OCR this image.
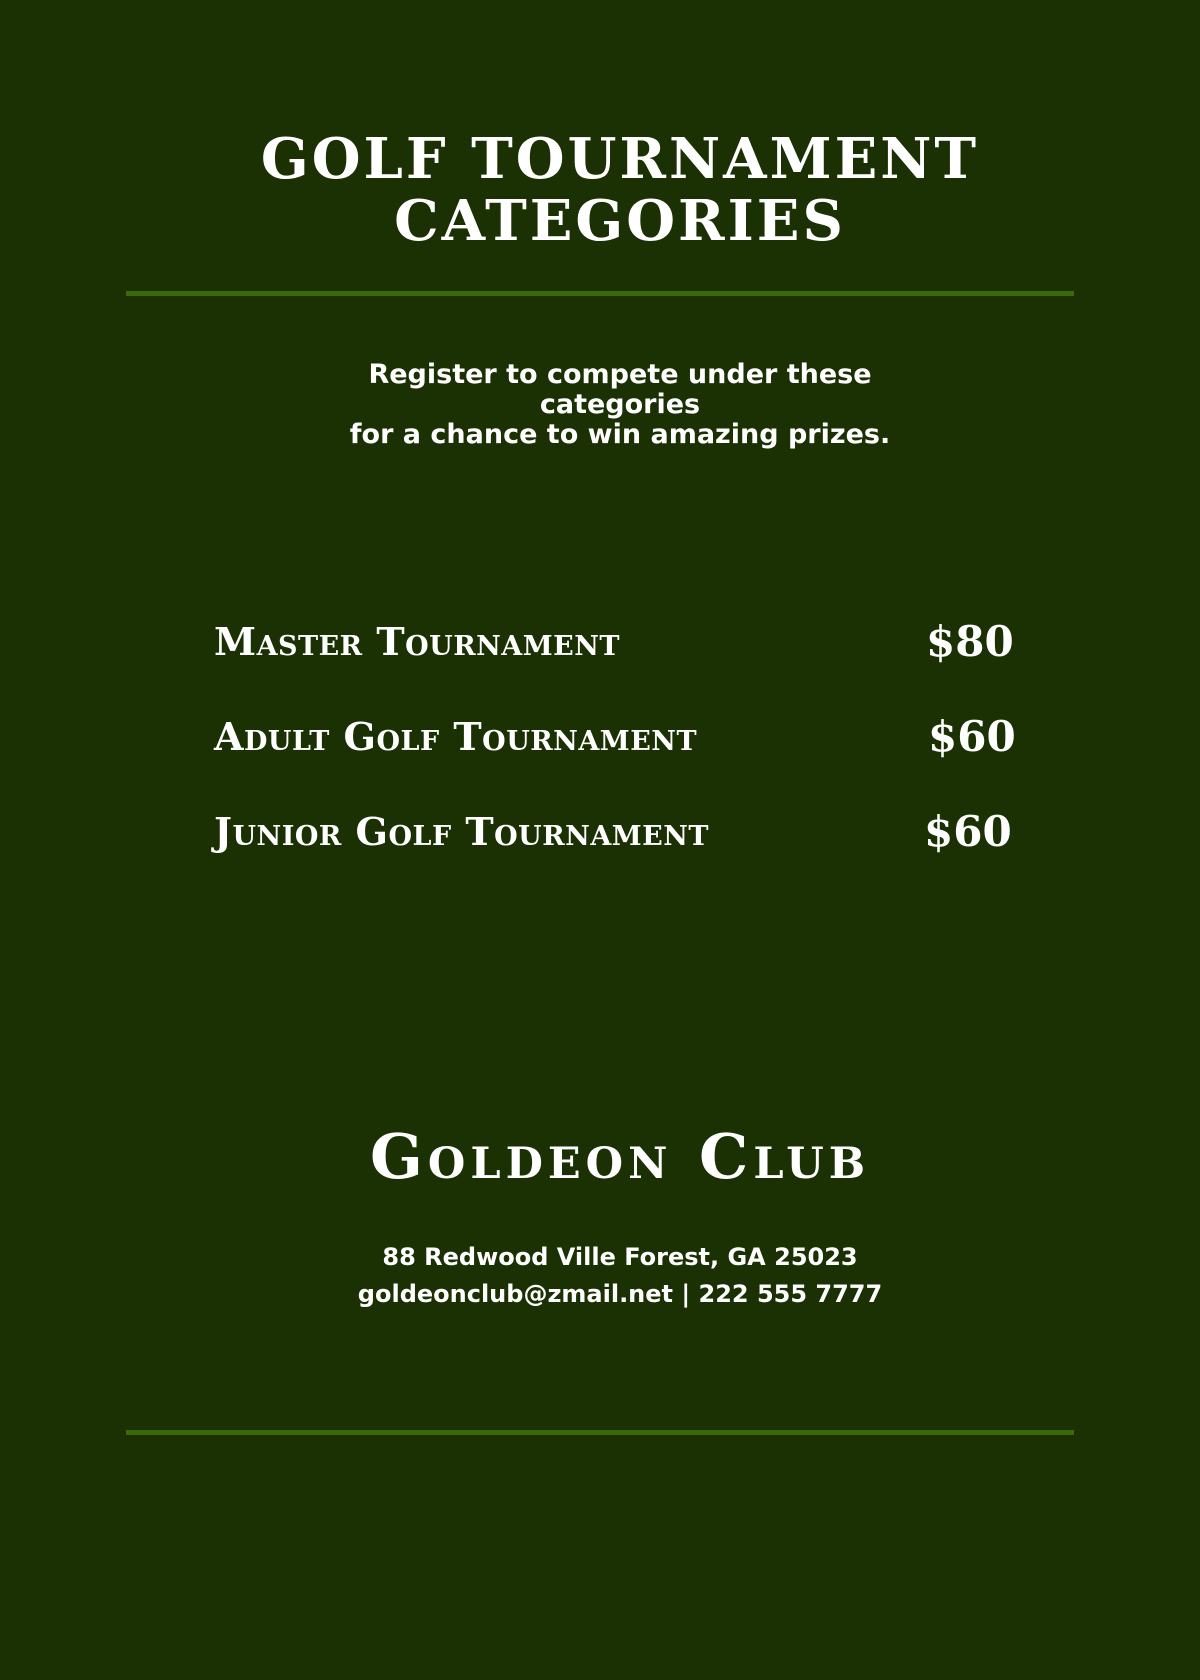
GOLF TOURNAMENT
CATEGORIES
Register to compete under these
categories
for a chance to win amazing prizes.
Master Tournament	$80
Adult Golf Tournament	$60
Junior Golf Tournament	$60
Goldeon Club
88 Redwood Ville Forest, GA 25023
goldeonclub@zmail.net | 222 555 7777
